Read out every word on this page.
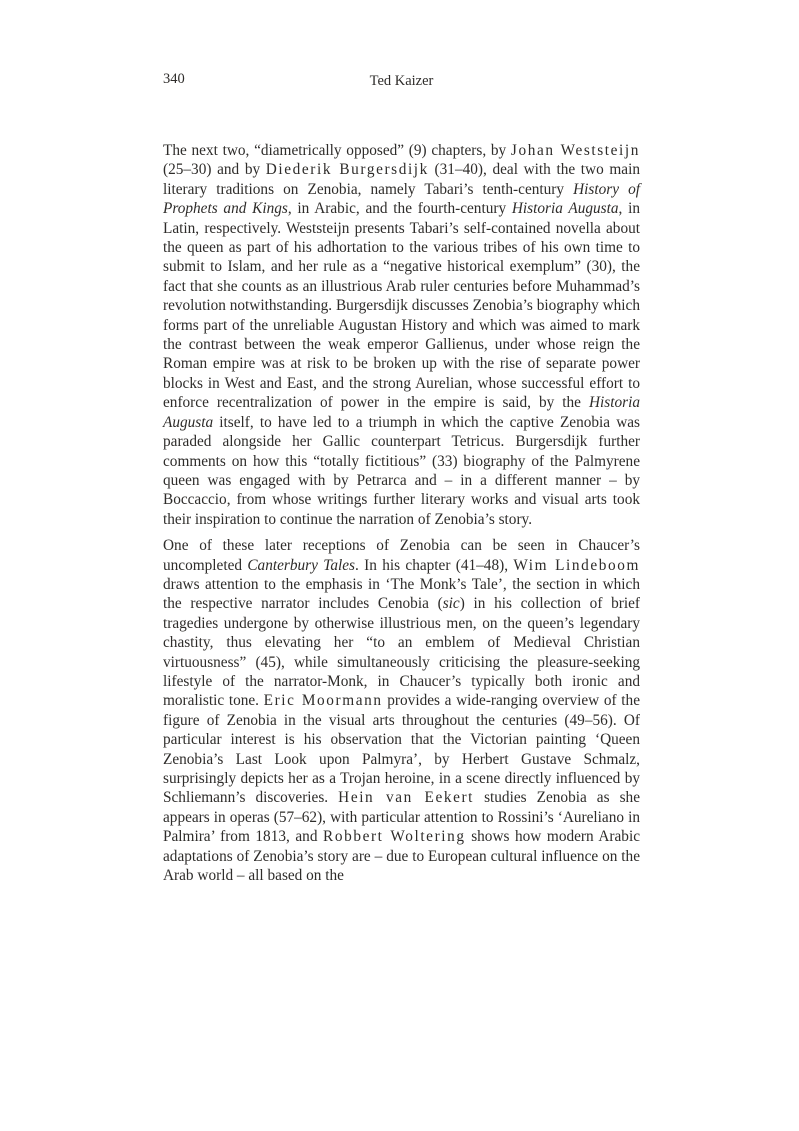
340	Ted Kaizer

The next two, “diametrically opposed” (9) chapters, by Johan Weststeijn (25–30) and by Diederik Burgersdijk (31–40), deal with the two main literary traditions on Zenobia, namely Tabari’s tenth-century History of Prophets and Kings, in Arabic, and the fourth-century Historia Augusta, in Latin, respectively. Weststeijn presents Tabari’s self-contained novella about the queen as part of his adhortation to the various tribes of his own time to submit to Islam, and her rule as a “negative historical exemplum” (30), the fact that she counts as an illustrious Arab ruler centuries before Muhammad’s revolution notwithstanding. Burgersdijk discusses Zenobia’s biography which forms part of the unreliable Augustan History and which was aimed to mark the contrast between the weak emperor Gallienus, under whose reign the Roman empire was at risk to be broken up with the rise of separate power blocks in West and East, and the strong Aurelian, whose successful effort to enforce recentralization of power in the empire is said, by the Historia Augusta itself, to have led to a triumph in which the captive Zenobia was paraded alongside her Gallic counterpart Tetricus. Burgersdijk further comments on how this “totally fictitious” (33) biography of the Palmyrene queen was engaged with by Petrarca and – in a different manner – by Boccaccio, from whose writings further literary works and visual arts took their inspiration to continue the narration of Zenobia’s story.

One of these later receptions of Zenobia can be seen in Chaucer’s uncompleted Canterbury Tales. In his chapter (41–48), Wim Lindeboom draws attention to the emphasis in ‘The Monk’s Tale’, the section in which the respective narrator includes Cenobia (sic) in his collection of brief tragedies undergone by otherwise illustrious men, on the queen’s legendary chastity, thus elevating her “to an emblem of Medieval Christian virtuousness” (45), while simultaneously criticising the pleasure-seeking lifestyle of the narrator-Monk, in Chaucer’s typically both ironic and moralistic tone. Eric Moormann provides a wide-ranging overview of the figure of Zenobia in the visual arts throughout the centuries (49–56). Of particular interest is his observation that the Victorian painting ‘Queen Zenobia’s Last Look upon Palmyra’, by Herbert Gustave Schmalz, surprisingly depicts her as a Trojan heroine, in a scene directly influenced by Schliemann’s discoveries. Hein van Eekert studies Zenobia as she appears in operas (57–62), with particular attention to Rossini’s ‘Aureliano in Palmira’ from 1813, and Robbert Woltering shows how modern Arabic adaptations of Zenobia’s story are – due to European cultural influence on the Arab world – all based on the
